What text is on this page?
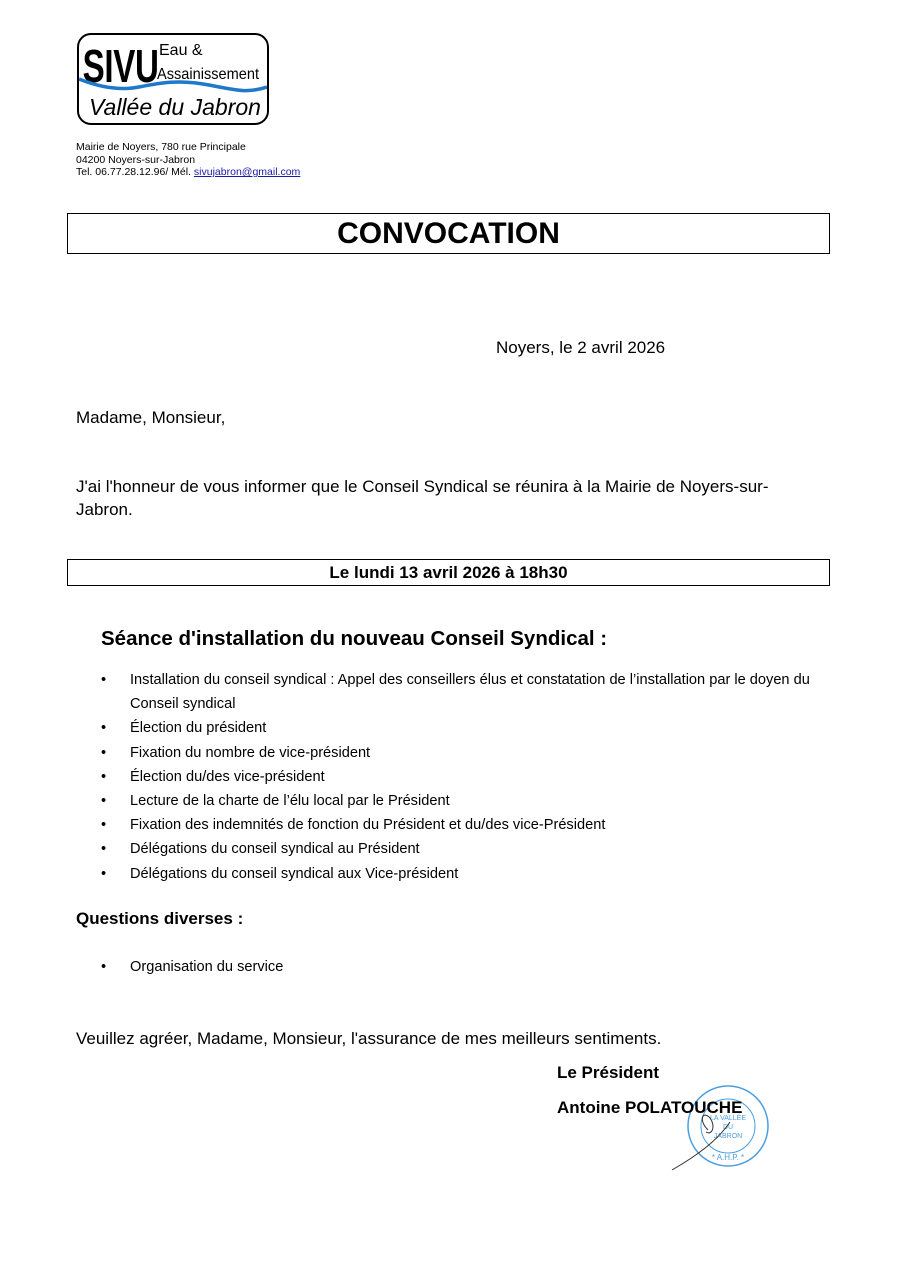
SIVU Eau &
Assainissement
Vallée du Jabron
Mairie de Noyers, 780 rue Principale
04200 Noyers-sur-Jabron
Tel. 06.77.28.12.96/ Mél. sivujabron@gmail.com
CONVOCATION
Noyers, le 2 avril 2026
Madame, Monsieur,
J'ai l'honneur de vous informer que le Conseil Syndical se réunira à la Mairie de Noyers-sur-Jabron.
Le lundi 13 avril 2026 à 18h30
Séance d'installation du nouveau Conseil Syndical :
• Installation du conseil syndical : Appel des conseillers élus et constatation de l’installation par le doyen du Conseil syndical
• Élection du président
• Fixation du nombre de vice-président
• Élection du/des vice-président
• Lecture de la charte de l’élu local par le Président
• Fixation des indemnités de fonction du Président et du/des vice-Président
• Délégations du conseil syndical au Président
• Délégations du conseil syndical aux Vice-président
Questions diverses :
• Organisation du service
Veuillez agréer, Madame, Monsieur, l'assurance de mes meilleurs sentiments.
LA VALLÉE
DU
JABRON
* A.H.P. *
Le Président
Antoine POLATOUCHE
